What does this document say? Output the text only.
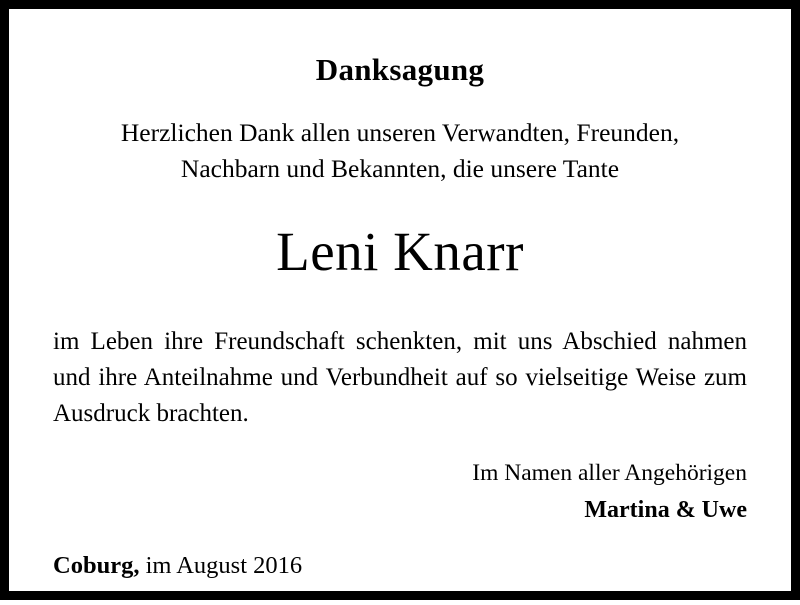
Danksagung
Herzlichen Dank allen unseren Verwandten, Freunden,
Nachbarn und Bekannten, die unsere Tante
Leni Knarr

im Leben ihre Freundschaft schenkten, mit uns Abschied nahmen und ihre Anteilnahme und Verbundheit auf so vielseitige Weise zum Ausdruck brachten.

Im Namen aller Angehörigen
Martina & Uwe
Coburg, im August 2016
